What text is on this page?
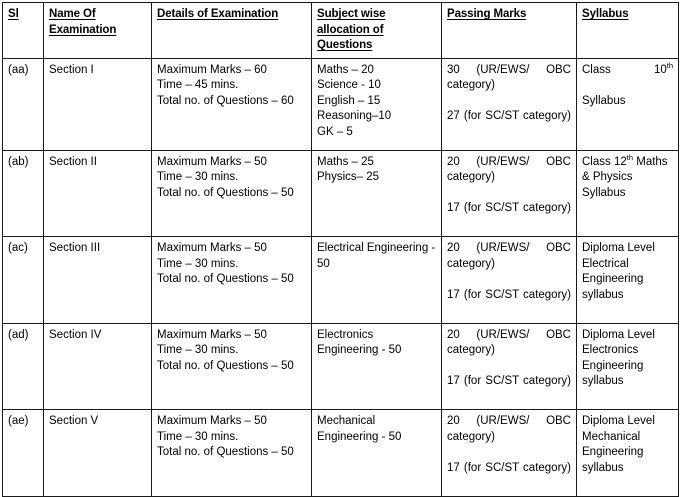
Sl	Name Of Examination	Details of Examination	Subject wise allocation of Questions	Passing Marks	Syllabus
(aa)	Section I	Maximum Marks – 60
Time – 45 mins.
Total no. of Questions – 60	Maths – 20
Science - 10
English – 15
Reasoning–10
GK – 5	30 (UR/EWS/ OBC category)
27 (for SC/ST category)	Class 10th
Syllabus

(ab)	Section II	Maximum Marks – 50
Time – 30 mins.
Total no. of Questions – 50	Maths – 25
Physics– 25	20 (UR/EWS/ OBC category)
17 (for SC/ST category)	Class 12th Maths & Physics Syllabus
(ac)	Section III	Maximum Marks – 50
Time – 30 mins.
Total no. of Questions – 50	Electrical Engineering - 50	20 (UR/EWS/ OBC category)
17 (for SC/ST category)	Diploma Level Electrical Engineering syllabus
(ad)	Section IV	Maximum Marks – 50
Time – 30 mins.
Total no. of Questions – 50	Electronics Engineering - 50	20 (UR/EWS/ OBC category)
17 (for SC/ST category)	Diploma Level Electronics Engineering syllabus
(ae)	Section V	Maximum Marks – 50
Time – 30 mins.
Total no. of Questions – 50	Mechanical Engineering - 50	20 (UR/EWS/ OBC category)
17 (for SC/ST category)	Diploma Level Mechanical Engineering syllabus
